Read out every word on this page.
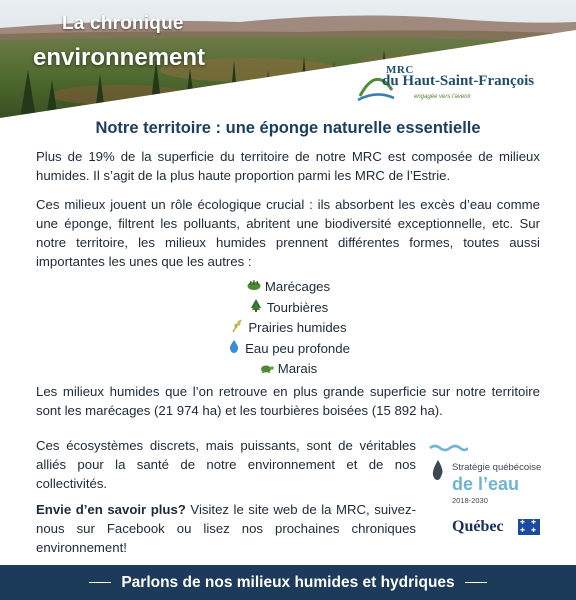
La chronique
environnement	MRC
du Haut-Saint-François
engagée vers l'avenir
Notre territoire : une éponge naturelle essentielle

Plus de 19% de la superficie du territoire de notre MRC est composée de milieux humides. Il s’agit de la plus haute proportion parmi les MRC de l’Estrie.

Ces milieux jouent un rôle écologique crucial : ils absorbent les excès d’eau comme une éponge, filtrent les polluants, abritent une biodiversité exceptionnelle, etc. Sur notre territoire, les milieux humides prennent différentes formes, toutes aussi importantes les unes que les autres :

Marécages
Tourbières
Prairies humides
Eau peu profonde
Marais

Les milieux humides que l’on retrouve en plus grande superficie sur notre territoire sont les marécages (21 974 ha) et les tourbières boisées (15 892 ha).

Ces écosystèmes discrets, mais puissants, sont de véritables alliés pour la santé de notre environnement et de nos collectivités.

Envie d’en savoir plus? Visitez le site web de la MRC, suivez-nous sur Facebook ou lisez nos prochaines chroniques environnement!

Stratégie québécoise
de l’eau
2018-2030
Québec	✚ ✚
✚ ✚
Parlons de nos milieux humides et hydriques
